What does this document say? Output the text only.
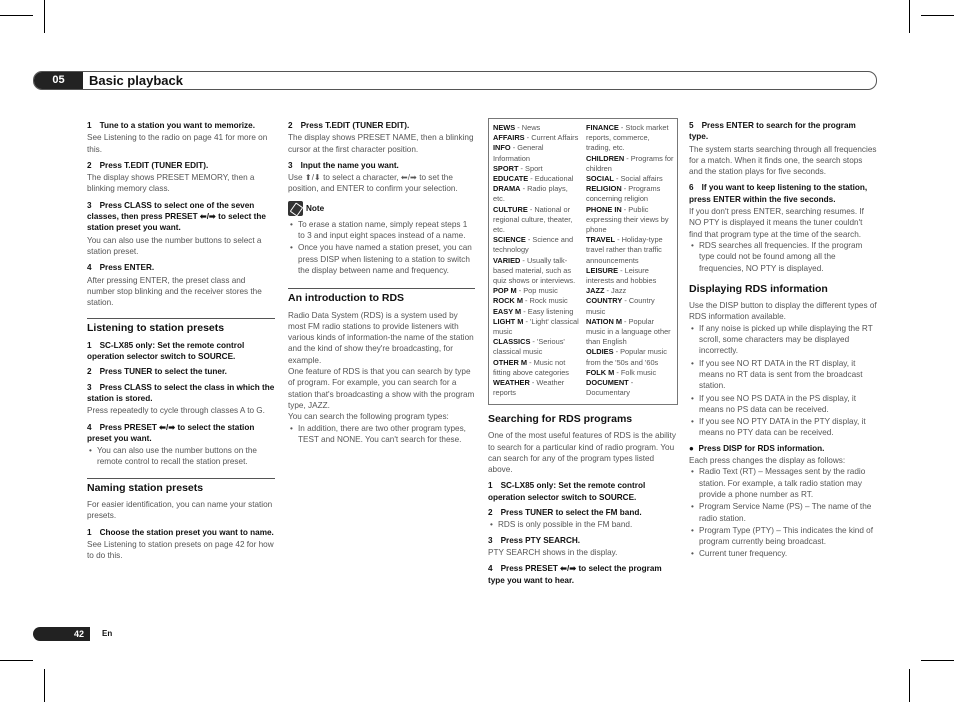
05	Basic playback
1 Tune to a station you want to memorize.

See Listening to the radio on page 41 for more on this.

2 Press T.EDIT (TUNER EDIT).

The display shows PRESET MEMORY, then a blinking memory class.

3 Press CLASS to select one of the seven classes, then press PRESET ⬅/➡ to select the station preset you want.

You can also use the number buttons to select a station preset.

4 Press ENTER.

After pressing ENTER, the preset class and number stop blinking and the receiver stores the station.

Listening to station presets
1 SC-LX85 only: Set the remote control operation selector switch to SOURCE.
2 Press TUNER to select the tuner.
3 Press CLASS to select the class in which the station is stored.

Press repeatedly to cycle through classes A to G.

4 Press PRESET ⬅/➡ to select the station preset you want.
• You can also use the number buttons on the remote control to recall the station preset.
Naming station presets

For easier identification, you can name your station presets.

1 Choose the station preset you want to name.

See Listening to station presets on page 42 for how to do this.

2 Press T.EDIT (TUNER EDIT).

The display shows PRESET NAME, then a blinking cursor at the first character position.

3 Input the name you want.

Use ⬆/⬇ to select a character, ⬅/➡ to set the position, and ENTER to confirm your selection.

Note
• To erase a station name, simply repeat steps 1 to 3 and input eight spaces instead of a name.
• Once you have named a station preset, you can press DISP when listening to a station to switch the display between name and frequency.
An introduction to RDS

Radio Data System (RDS) is a system used by most FM radio stations to provide listeners with various kinds of information-the name of the station and the kind of show they're broadcasting, for example.

One feature of RDS is that you can search by type of program. For example, you can search for a station that's broadcasting a show with the program type, JAZZ.

You can search the following program types:

• In addition, there are two other program types, TEST and NONE. You can't search for these.
NEWS - News
AFFAIRS - Current Affairs
INFO - General Information
SPORT - Sport
EDUCATE - Educational
DRAMA - Radio plays, etc.
CULTURE - National or regional culture, theater, etc.
SCIENCE - Science and technology
VARIED - Usually talk-based material, such as quiz shows or interviews.
POP M - Pop music
ROCK M - Rock music
EASY M - Easy listening
LIGHT M - 'Light' classical music
CLASSICS - 'Serious' classical music
OTHER M - Music not fitting above categories
WEATHER - Weather reports
FINANCE - Stock market reports, commerce, trading, etc.
CHILDREN - Programs for children
SOCIAL - Social affairs
RELIGION - Programs concerning religion
PHONE IN - Public expressing their views by phone
TRAVEL - Holiday-type travel rather than traffic announcements
LEISURE - Leisure interests and hobbies
JAZZ - Jazz
COUNTRY - Country music
NATION M - Popular music in a language other than English
OLDIES - Popular music from the '50s and '60s
FOLK M - Folk music
DOCUMENT - Documentary
Searching for RDS programs

One of the most useful features of RDS is the ability to search for a particular kind of radio program. You can search for any of the program types listed above.

1 SC-LX85 only: Set the remote control operation selector switch to SOURCE.
2 Press TUNER to select the FM band.
• RDS is only possible in the FM band.
3 Press PTY SEARCH.

PTY SEARCH shows in the display.

4 Press PRESET ⬅/➡ to select the program type you want to hear.
5 Press ENTER to search for the program type.

The system starts searching through all frequencies for a match. When it finds one, the search stops and the station plays for five seconds.

6 If you want to keep listening to the station, press ENTER within the five seconds.

If you don't press ENTER, searching resumes. If NO PTY is displayed it means the tuner couldn't find that program type at the time of the search.

• RDS searches all frequencies. If the program type could not be found among all the frequencies, NO PTY is displayed.
Displaying RDS information

Use the DISP button to display the different types of RDS information available.

• If any noise is picked up while displaying the RT scroll, some characters may be displayed incorrectly.
• If you see NO RT DATA in the RT display, it means no RT data is sent from the broadcast station.
• If you see NO PS DATA in the PS display, it means no PS data can be received.
• If you see NO PTY DATA in the PTY display, it means no PTY data can be received.
● Press DISP for RDS information.

Each press changes the display as follows:

• Radio Text (RT) – Messages sent by the radio station. For example, a talk radio station may provide a phone number as RT.
• Program Service Name (PS) – The name of the radio station.
• Program Type (PTY) – This indicates the kind of program currently being broadcast.
• Current tuner frequency.
42	En
